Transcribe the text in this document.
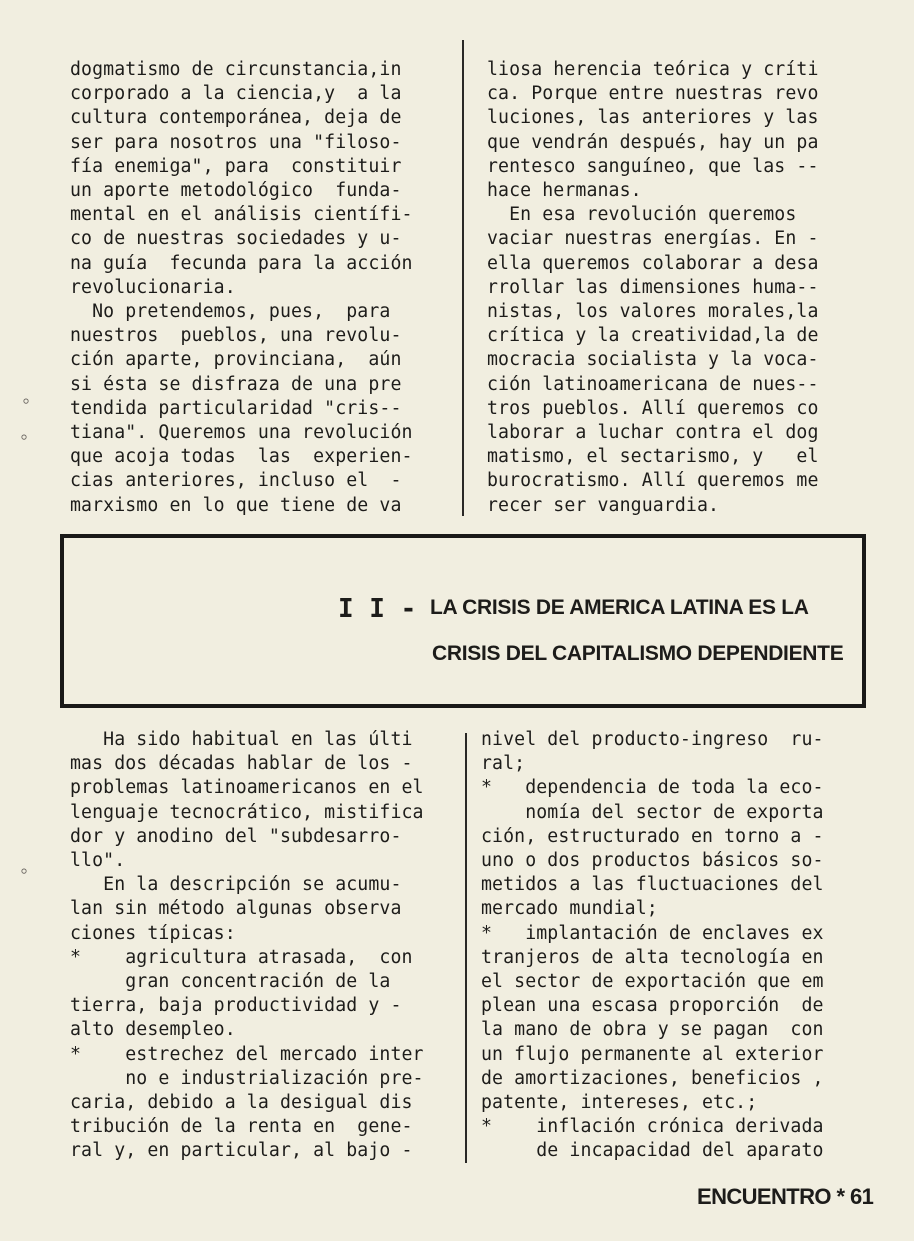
dogmatismo de circunstancia,in
corporado a la ciencia,y  a la
cultura contemporánea, deja de
ser para nosotros una "filoso-
fía enemiga", para  constituir
un aporte metodológico  funda-
mental en el análisis científi-
co de nuestras sociedades y u-
na guía  fecunda para la acción
revolucionaria.
No pretendemos, pues,  para
nuestros  pueblos, una revolu-
ción aparte, provinciana,  aún
si ésta se disfraza de una pre
tendida particularidad "cris--
tiana". Queremos una revolución
que acoja todas  las  experien-
cias anteriores, incluso el  -
marxismo en lo que tiene de va
liosa herencia teórica y críti
ca. Porque entre nuestras revo
luciones, las anteriores y las
que vendrán después, hay un pa
rentesco sanguíneo, que las --
hace hermanas.
En esa revolución queremos
vaciar nuestras energías. En -
ella queremos colaborar a desa
rrollar las dimensiones huma--
nistas, los valores morales,la
crítica y la creatividad,la de
mocracia socialista y la voca-
ción latinoamericana de nues--
tros pueblos. Allí queremos co
laborar a luchar contra el dog
matismo, el sectarismo, y   el
burocratismo. Allí queremos me
recer ser vanguardia.
I I - LA CRISIS DE AMERICA LATINA ES LA
CRISIS DEL CAPITALISMO DEPENDIENTE
Ha sido habitual en las últi
mas dos décadas hablar de los -
problemas latinoamericanos en el
lenguaje tecnocrático, mistifica
dor y anodino del "subdesarro-
llo".
En la descripción se acumu-
lan sin método algunas observa
ciones típicas:
*    agricultura atrasada,  con
gran concentración de la
tierra, baja productividad y -
alto desempleo.
*    estrechez del mercado inter
no e industrialización pre-
caria, debido a la desigual dis
tribución de la renta en  gene-
ral y, en particular, al bajo -
nivel del producto-ingreso  ru-
ral;
*   dependencia de toda la eco-
nomía del sector de exporta
ción, estructurado en torno a -
uno o dos productos básicos so-
metidos a las fluctuaciones del
mercado mundial;
*   implantación de enclaves ex
tranjeros de alta tecnología en
el sector de exportación que em
plean una escasa proporción  de
la mano de obra y se pagan  con
un flujo permanente al exterior
de amortizaciones, beneficios ,
patente, intereses, etc.;
*    inflación crónica derivada
de incapacidad del aparato
ENCUENTRO * 61
⸰
⸰
⸰
